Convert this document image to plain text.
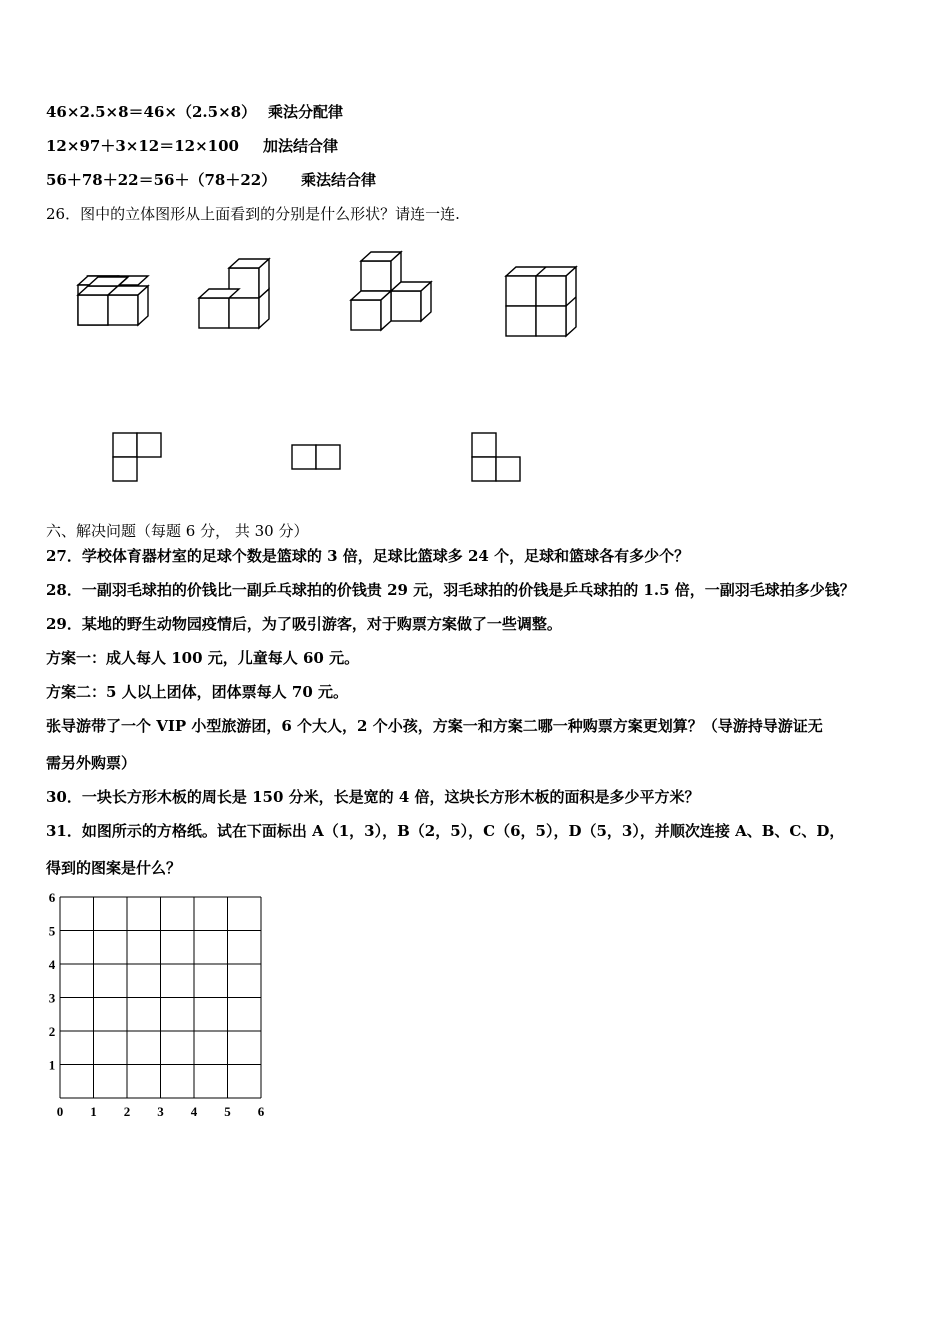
46×2.5×8＝46×（2.5×8） 乘法分配律
12×97＋3×12＝12×100 加法结合律
56＋78＋22＝56＋（78＋22） 乘法结合律
26．图中的立体图形从上面看到的分别是什么形状？请连一连.
六、解决问题（每题 6 分， 共 30 分）
27．学校体育器材室的足球个数是篮球的 3 倍，足球比篮球多 24 个，足球和篮球各有多少个？
28．一副羽毛球拍的价钱比一副乒乓球拍的价钱贵 29 元，羽毛球拍的价钱是乒乓球拍的 1.5 倍，一副羽毛球拍多少钱？
29．某地的野生动物园疫情后，为了吸引游客，对于购票方案做了一些调整。
方案一：成人每人 100 元，儿童每人 60 元。
方案二：5 人以上团体，团体票每人 70 元。
张导游带了一个 VIP 小型旅游团，6 个大人，2 个小孩，方案一和方案二哪一种购票方案更划算？（导游持导游证无
需另外购票）
30．一块长方形木板的周长是 150 分米，长是宽的 4 倍，这块长方形木板的面积是多少平方米？
31．如图所示的方格纸。试在下面标出 A（1，3），B（2，5），C（6，5），D（5，3），并顺次连接 A、B、C、D，
得到的图案是什么？
0 1 2 3 4 5 6
1
2
3
4
5
6
